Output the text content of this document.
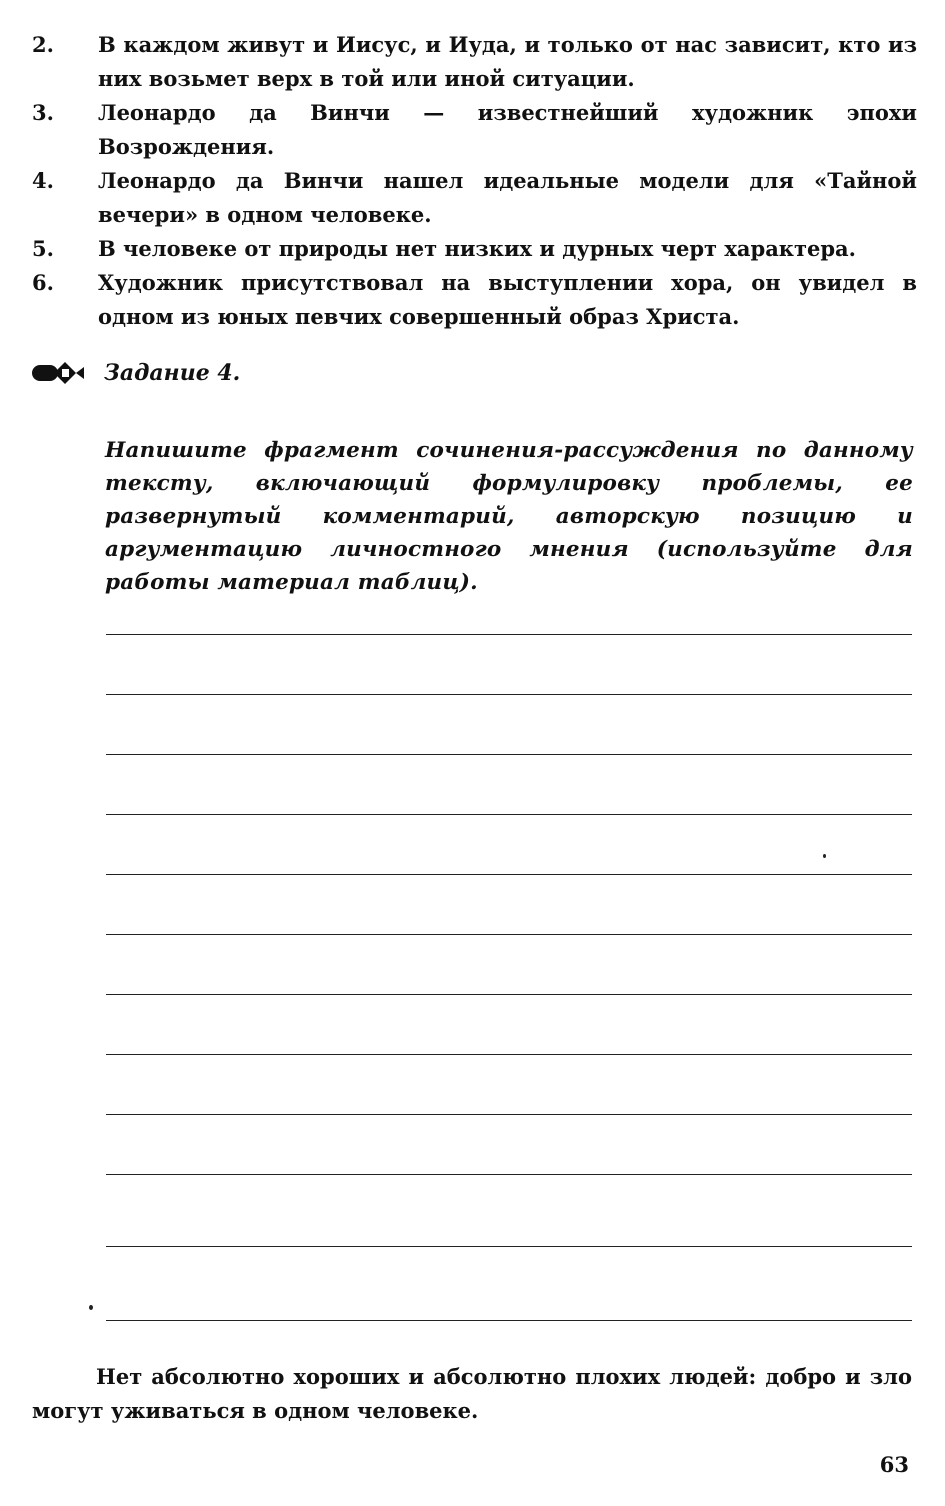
2.	В каждом живут и Иисус, и Иуда, и только от нас зависит, кто из них возьмет верх в той или иной ситуации.
3.	Леонардо да Винчи — известнейший художник эпохи Возрождения.
4.	Леонардо да Винчи нашел идеальные модели для «Тайной вечери» в одном человеке.
5.	В человеке от природы нет низких и дурных черт характера.
6.	Художник присутствовал на выступлении хора, он увидел в одном из юных певчих совершенный образ Христа.
Задание 4.
Напишите фрагмент сочинения-рассуждения по данному тексту, включающий формулировку проблемы, ее развернутый комментарий, авторскую позицию и аргументацию личностного мнения (используйте для работы материал таблиц).
Нет абсолютно хороших и абсолютно плохих людей: добро и зло могут уживаться в одном человеке.
63
